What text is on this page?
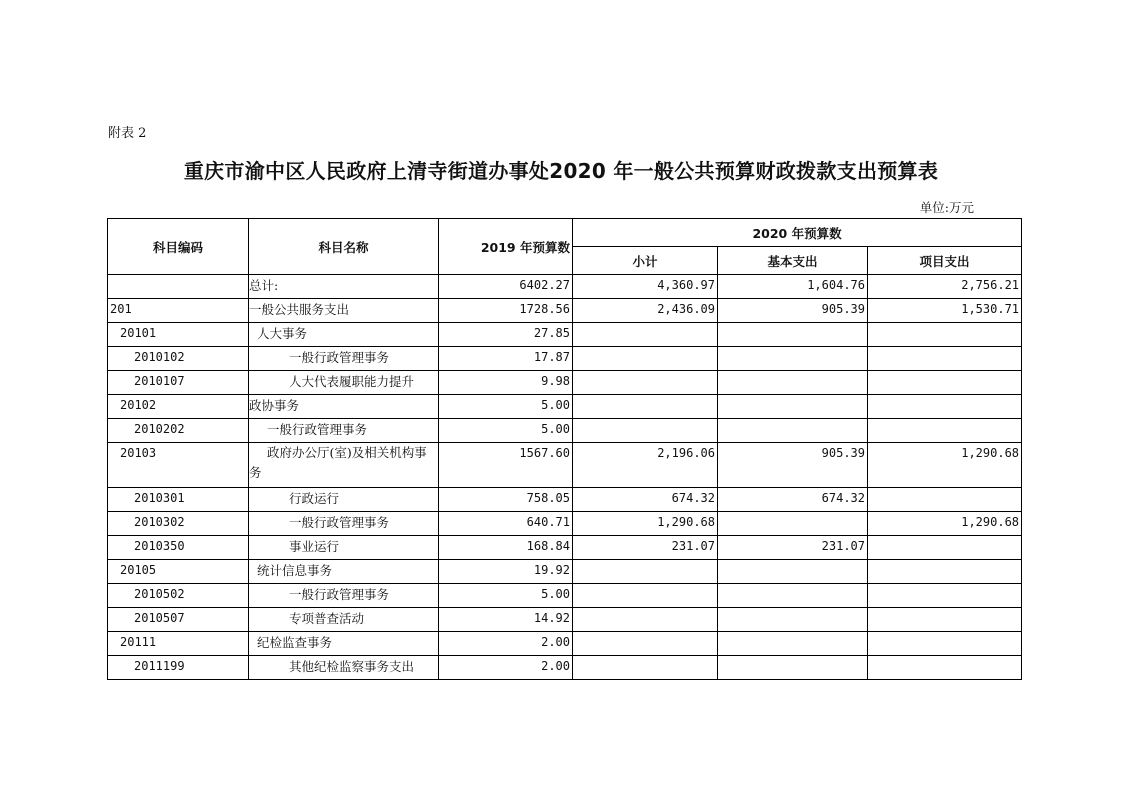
附表 2
重庆市渝中区人民政府上清寺街道办事处2020 年一般公共预算财政拨款支出预算表
单位:万元
科目编码	科目名称	2019 年预算数	2020 年预算数		
			小计	基本支出	项目支出
	总计:	6402.27	4,360.97	1,604.76	2,756.21
201	一般公共服务支出	1728.56	2,436.09	905.39	1,530.71
20101	人大事务	27.85			
2010102	一般行政管理事务	17.87			
2010107	人大代表履职能力提升	9.98			
20102	政协事务	5.00			
2010202	一般行政管理事务	5.00			
20103	政府办公厅(室)及相关机构事务	1567.60	2,196.06	905.39	1,290.68
2010301	行政运行	758.05	674.32	674.32	
2010302	一般行政管理事务	640.71	1,290.68		1,290.68
2010350	事业运行	168.84	231.07	231.07	
20105	统计信息事务	19.92			
2010502	一般行政管理事务	5.00			
2010507	专项普查活动	14.92			
20111	纪检监查事务	2.00			
2011199	其他纪检监察事务支出	2.00			
